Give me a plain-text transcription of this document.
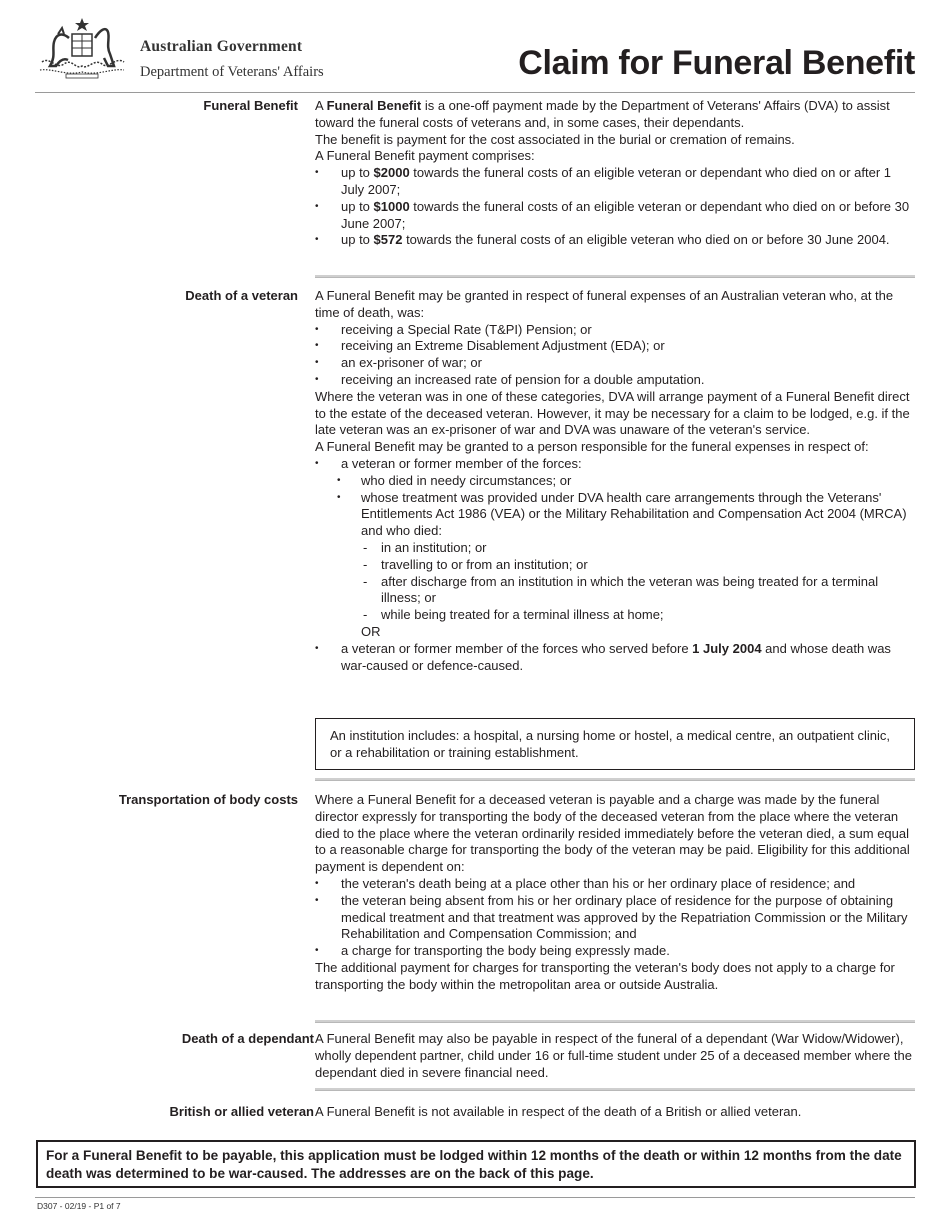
Australian Government
Department of Veterans' Affairs	Claim for Funeral Benefit
Funeral Benefit A Funeral Benefit is a one-off payment made by the Department of Veterans' Affairs (DVA) to assist toward the funeral costs of veterans and, in some cases, their dependants.

The benefit is payment for the cost associated in the burial or cremation of remains.

A Funeral Benefit payment comprises:

• up to $2000 towards the funeral costs of an eligible veteran or dependant who died on or after 1 July 2007;
• up to $1000 towards the funeral costs of an eligible veteran or dependant who died on or before 30 June 2007;
• up to $572 towards the funeral costs of an eligible veteran who died on or before 30 June 2004.
Death of a veteran A Funeral Benefit may be granted in respect of funeral expenses of an Australian veteran who, at the time of death, was:

• receiving a Special Rate (T&PI) Pension; or
• receiving an Extreme Disablement Adjustment (EDA); or
• an ex-prisoner of war; or
• receiving an increased rate of pension for a double amputation.

Where the veteran was in one of these categories, DVA will arrange payment of a Funeral Benefit direct to the estate of the deceased veteran. However, it may be necessary for a claim to be lodged, e.g. if the late veteran was an ex-prisoner of war and DVA was unaware of the veteran's service.

A Funeral Benefit may be granted to a person responsible for the funeral expenses in respect of:

• a veteran or former member of the forces:
• who died in needy circumstances; or
• whose treatment was provided under DVA health care arrangements through the Veterans' Entitlements Act 1986 (VEA) or the Military Rehabilitation and Compensation Act 2004 (MRCA) and who died:
- in an institution; or
- travelling to or from an institution; or
- after discharge from an institution in which the veteran was being treated for a terminal illness; or
- while being treated for a terminal illness at home;

OR

• a veteran or former member of the forces who served before 1 July 2004 and whose death was war-caused or defence-caused.
An institution includes: a hospital, a nursing home or hostel, a medical centre, an outpatient clinic, or a rehabilitation or training establishment.
Transportation of body costs Where a Funeral Benefit for a deceased veteran is payable and a charge was made by the funeral director expressly for transporting the body of the deceased veteran from the place where the veteran died to the place where the veteran ordinarily resided immediately before the veteran died, a sum equal to a reasonable charge for transporting the body of the veteran may be paid. Eligibility for this additional payment is dependent on:

• the veteran's death being at a place other than his or her ordinary place of residence; and
• the veteran being absent from his or her ordinary place of residence for the purpose of obtaining medical treatment and that treatment was approved by the Repatriation Commission or the Military Rehabilitation and Compensation Commission; and
• a charge for transporting the body being expressly made.

The additional payment for charges for transporting the veteran's body does not apply to a charge for transporting the body within the metropolitan area or outside Australia.

Death of a dependant A Funeral Benefit may also be payable in respect of the funeral of a dependant (War Widow/Widower), wholly dependent partner, child under 16 or full-time student under 25 of a deceased member where the dependant died in severe financial need.

British or allied veteran A Funeral Benefit is not available in respect of the death of a British or allied veteran.

For a Funeral Benefit to be payable, this application must be lodged within 12 months of the death or within 12 months from the date death was determined to be war-caused. The addresses are on the back of this page.
D307 - 02/19 - P1 of 7
